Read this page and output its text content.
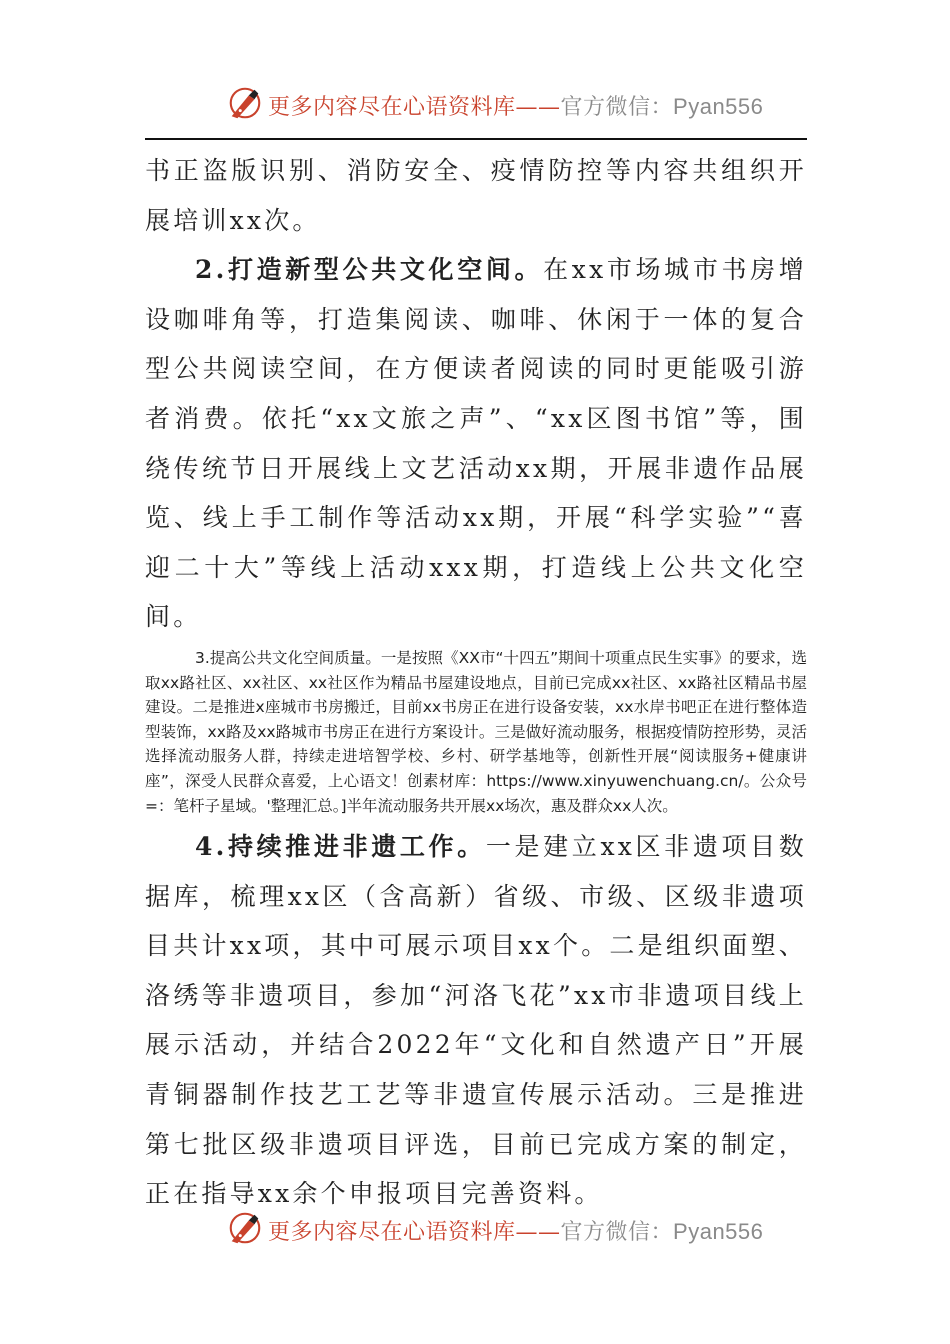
更多内容尽在心语资料库——官方微信：Pyan556

书正盗版识别、消防安全、疫情防控等内容共组织开展培训xx次。

2.打造新型公共文化空间。在xx市场城市书房增设咖啡角等，打造集阅读、咖啡、休闲于一体的复合型公共阅读空间，在方便读者阅读的同时更能吸引游者消费。依托“xx文旅之声”、“xx区图书馆”等，围绕传统节日开展线上文艺活动xx期，开展非遗作品展览、线上手工制作等活动xx期，开展“科学实验”“喜迎二十大”等线上活动xxx期，打造线上公共文化空间。

3.提高公共文化空间质量。一是按照《XX市“十四五”期间十项重点民生实事》的要求，选取xx路社区、xx社区、xx社区作为精品书屋建设地点，目前已完成xx社区、xx路社区精品书屋建设。二是推进x座城市书房搬迁，目前xx书房正在进行设备安装，xx水岸书吧正在进行整体造型装饰，xx路及xx路城市书房正在进行方案设计。三是做好流动服务，根据疫情防控形势，灵活选择流动服务人群，持续走进培智学校、乡村、研学基地等，创新性开展“阅读服务+健康讲座”，深受人民群众喜爱，上心语文！创素材库：https://www.xinyuwenchuang.cn/。公众号=：笔杆子星域。'整理汇总。]半年流动服务共开展xx场次，惠及群众xx人次。

4.持续推进非遗工作。一是建立xx区非遗项目数据库，梳理xx区（含高新）省级、市级、区级非遗项目共计xx项，其中可展示项目xx个。二是组织面塑、洛绣等非遗项目，参加“河洛飞花”xx市非遗项目线上展示活动，并结合2022年“文化和自然遗产日”开展青铜器制作技艺工艺等非遗宣传展示活动。三是推进第七批区级非遗项目评选，目前已完成方案的制定，正在指导xx余个申报项目完善资料。

更多内容尽在心语资料库——官方微信：Pyan556
